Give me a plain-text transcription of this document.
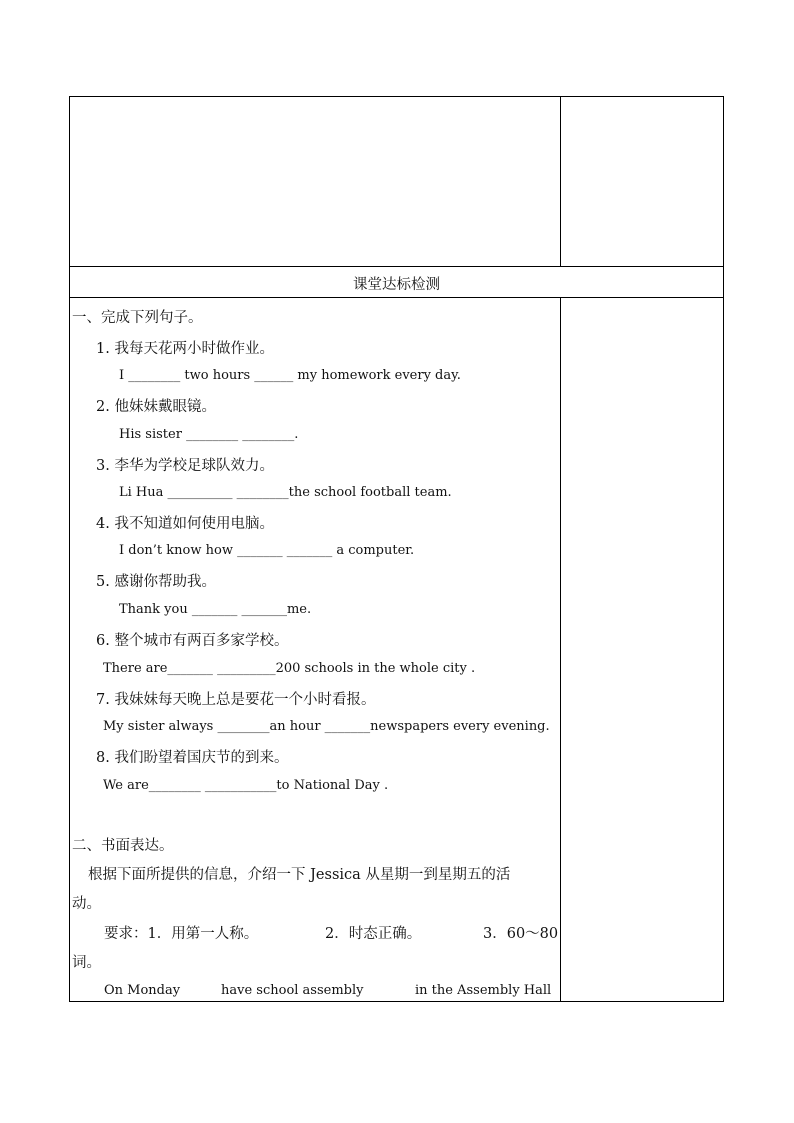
课堂达标检测
一、完成下列句子。
1. 我每天花两小时做作业。
I ________ two hours ______ my homework every day.
2. 他妹妹戴眼镜。
His sister ________ ________.
3. 李华为学校足球队效力。
Li Hua __________ ________the school football team.
4. 我不知道如何使用电脑。
I don’t know how _______ _______ a computer.
5. 感谢你帮助我。
Thank you _______ _______me.
6. 整个城市有两百多家学校。
There are_______ _________200 schools in the whole city .
7. 我妹妹每天晚上总是要花一个小时看报。
My sister always ________an hour _______newspapers every evening.
8. 我们盼望着国庆节的到来。
We are________ ___________to National Day .
二、书面表达。
根据下面所提供的信息，介绍一下 Jessica 从星期一到星期五的活
动。
要求：1．用第一人称。	2．时态正确。	3．60～80
词。
On Monday	have school assembly	in the Assembly Hall
